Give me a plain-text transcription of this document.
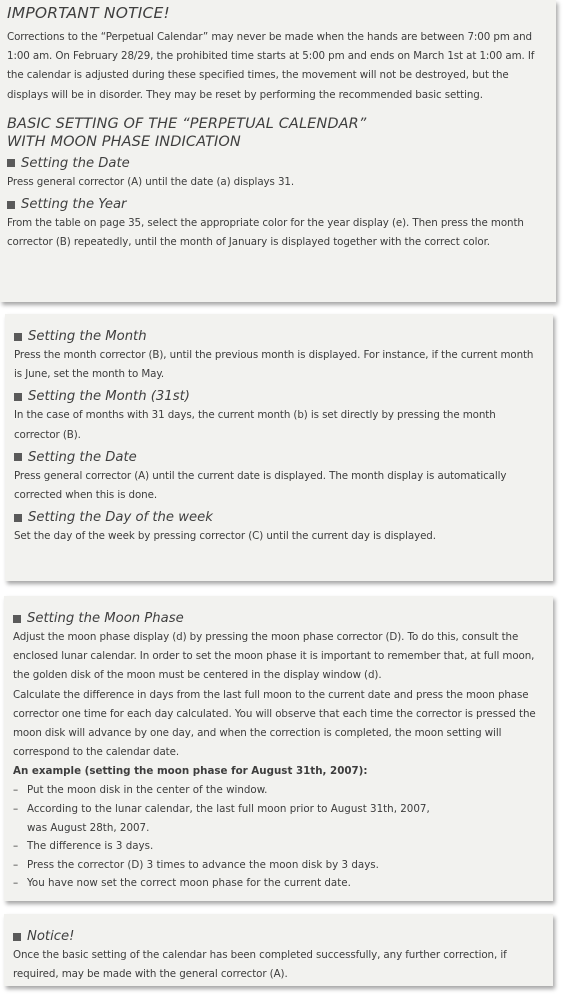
IMPORTANT NOTICE!

Corrections to the “Perpetual Calendar” may never be made when the hands are between 7:00 pm and 1:00 am. On February 28/29, the prohibited time starts at 5:00 pm and ends on March 1st at 1:00 am. If the calendar is adjusted during these specified times, the movement will not be destroyed, but the displays will be in disorder. They may be reset by performing the recommended basic setting.

BASIC SETTING OF THE “PERPETUAL CALENDAR”
WITH MOON PHASE INDICATION
Setting the Date

Press general corrector (A) until the date (a) displays 31.

Setting the Year

From the table on page 35, select the appropriate color for the year display (e). Then press the month corrector (B) repeatedly, until the month of January is displayed together with the correct color.

Setting the Month

Press the month corrector (B), until the previous month is displayed. For instance, if the current month is June, set the month to May.

Setting the Month (31st)

In the case of months with 31 days, the current month (b) is set directly by pressing the month corrector (B).

Setting the Date

Press general corrector (A) until the current date is displayed. The month display is automatically corrected when this is done.

Setting the Day of the week

Set the day of the week by pressing corrector (C) until the current day is displayed.

Setting the Moon Phase

Adjust the moon phase display (d) by pressing the moon phase corrector (D). To do this, consult the enclosed lunar calendar. In order to set the moon phase it is important to remember that, at full moon, the golden disk of the moon must be centered in the display window (d).

Calculate the difference in days from the last full moon to the current date and press the moon phase corrector one time for each day calculated. You will observe that each time the corrector is pressed the moon disk will advance by one day, and when the correction is completed, the moon setting will correspond to the calendar date.

An example (setting the moon phase for August 31th, 2007):

– Put the moon disk in the center of the window.
– According to the lunar calendar, the last full moon prior to August 31th, 2007,
was August 28th, 2007.
– The difference is 3 days.
– Press the corrector (D) 3 times to advance the moon disk by 3 days.
– You have now set the correct moon phase for the current date.
Notice!

Once the basic setting of the calendar has been completed successfully, any further correction, if required, may be made with the general corrector (A).
